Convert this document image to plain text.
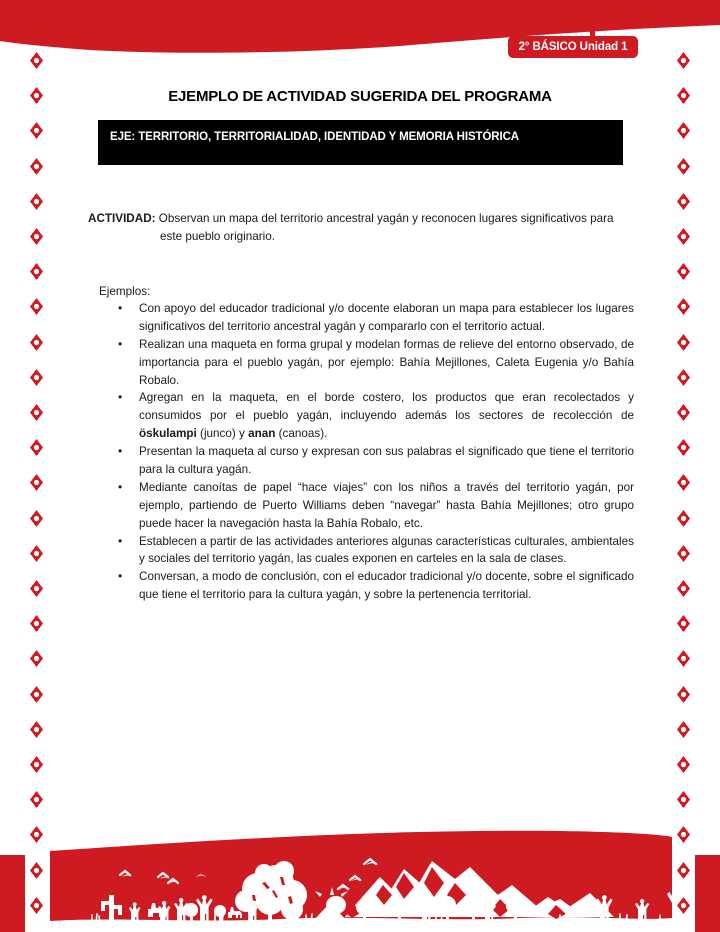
2° BÁSICO Unidad 1
EJEMPLO DE ACTIVIDAD SUGERIDA DEL PROGRAMA
EJE: TERRITORIO, TERRITORIALIDAD, IDENTIDAD Y MEMORIA HISTÓRICA
ACTIVIDAD: Observan un mapa del territorio ancestral yagán y reconocen lugares significativos para
este pueblo originario.
Ejemplos:
• Con apoyo del educador tradicional y/o docente elaboran un mapa para establecer los lugares significativos del territorio ancestral yagán y compararlo con el territorio actual.
• Realizan una maqueta en forma grupal y modelan formas de relieve del entorno observado, de importancia para el pueblo yagán, por ejemplo: Bahía Mejillones, Caleta Eugenia y/o Bahía Robalo.
• Agregan en la maqueta, en el borde costero, los productos que eran recolectados y consumidos por el pueblo yagán, incluyendo además los sectores de recolección de öskulampi (junco) y anan (canoas).
• Presentan la maqueta al curso y expresan con sus palabras el significado que tiene el territorio para la cultura yagán.
• Mediante canoítas de papel “hace viajes” con los niños a través del territorio yagán, por ejemplo, partiendo de Puerto Williams deben “navegar” hasta Bahía Mejillones; otro grupo puede hacer la navegación hasta la Bahía Robalo, etc.
• Establecen a partir de las actividades anteriores algunas características culturales, ambientales y sociales del territorio yagán, las cuales exponen en carteles en la sala de clases.
• Conversan, a modo de conclusión, con el educador tradicional y/o docente, sobre el significado que tiene el territorio para la cultura yagán, y sobre la pertenencia territorial.
